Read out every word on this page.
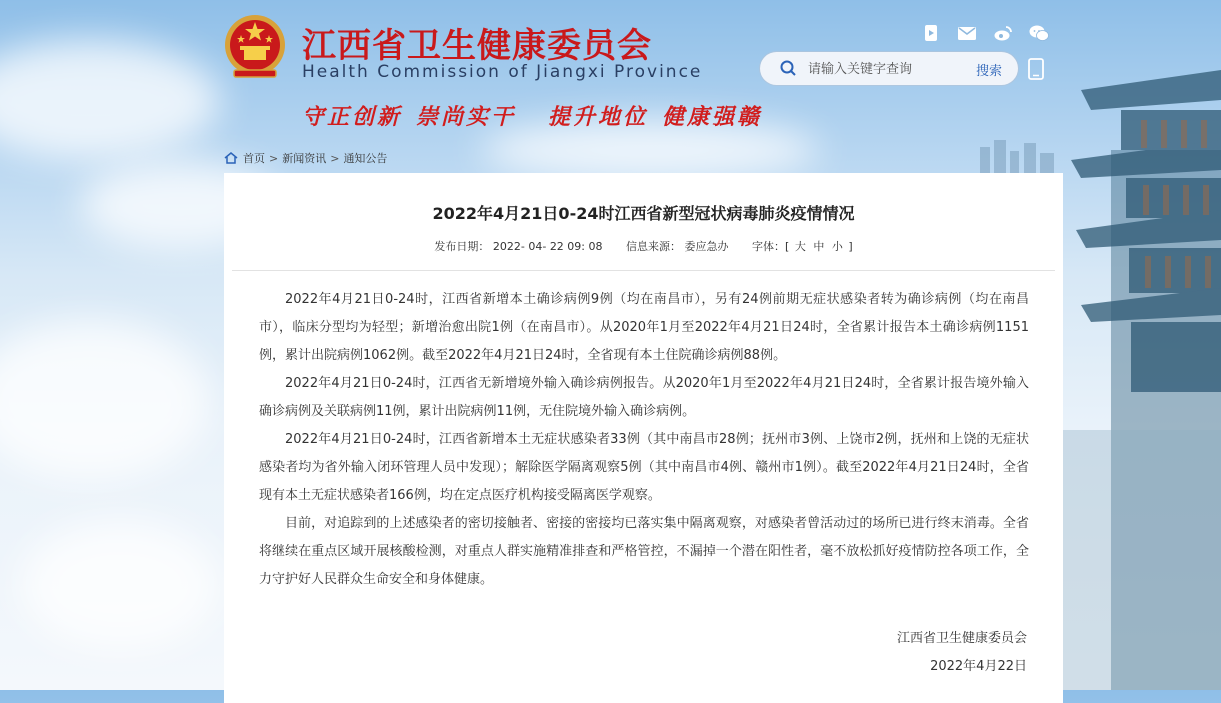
江西省卫生健康委员会
Health Commission of Jiangxi Province
守正创新 崇尚实干 提升地位 健康强赣
请输入关键字查询
搜索
首页 > 新闻资讯 > 通知公告
2022年4月21日0-24时江西省新型冠状病毒肺炎疫情情况
发布日期： 2022- 04- 22 09: 08 信息来源： 委应急办 字体：[ 大 中 小 ]

2022年4月21日0-24时，江西省新增本土确诊病例9例（均在南昌市），另有24例前期无症状感染者转为确诊病例（均在南昌市），临床分型均为轻型；新增治愈出院1例（在南昌市）。从2020年1月至2022年4月21日24时，全省累计报告本土确诊病例1151例，累计出院病例1062例。截至2022年4月21日24时，全省现有本土住院确诊病例88例。

2022年4月21日0-24时，江西省无新增境外输入确诊病例报告。从2020年1月至2022年4月21日24时，全省累计报告境外输入确诊病例及关联病例11例，累计出院病例11例，无住院境外输入确诊病例。

2022年4月21日0-24时，江西省新增本土无症状感染者33例（其中南昌市28例；抚州市3例、上饶市2例，抚州和上饶的无症状感染者均为省外输入闭环管理人员中发现）；解除医学隔离观察5例（其中南昌市4例、赣州市1例）。截至2022年4月21日24时，全省现有本土无症状感染者166例，均在定点医疗机构接受隔离医学观察。

目前，对追踪到的上述感染者的密切接触者、密接的密接均已落实集中隔离观察，对感染者曾活动过的场所已进行终末消毒。全省将继续在重点区域开展核酸检测，对重点人群实施精准排查和严格管控，不漏掉一个潜在阳性者，毫不放松抓好疫情防控各项工作，全力守护好人民群众生命安全和身体健康。

江西省卫生健康委员会
2022年4月22日
